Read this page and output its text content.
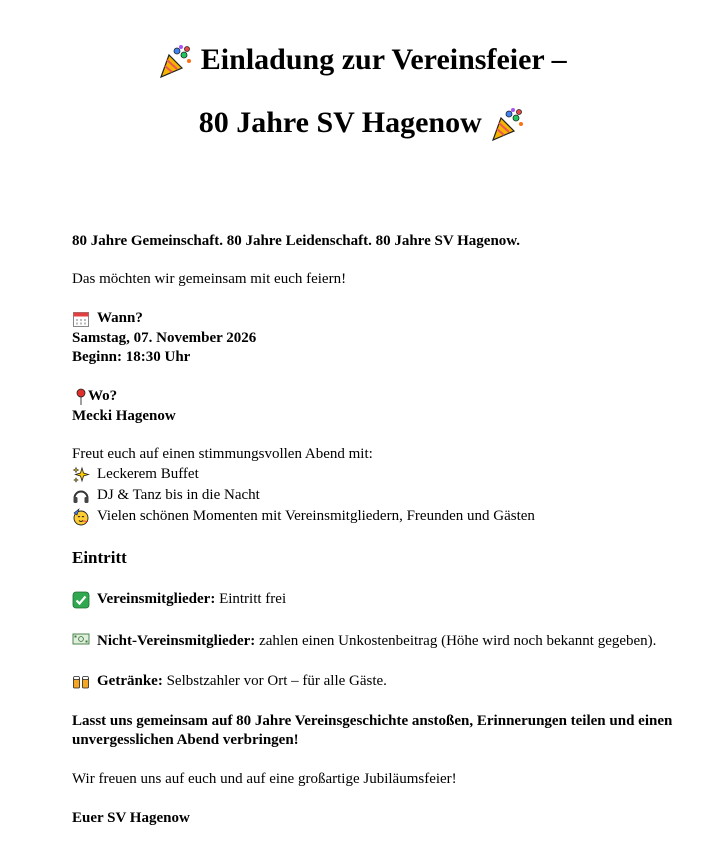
Einladung zur Vereinsfeier –
80 Jahre SV Hagenow

80 Jahre Gemeinschaft. 80 Jahre Leidenschaft. 80 Jahre SV Hagenow.

Das möchten wir gemeinsam mit euch feiern!

Wann?

Samstag, 07. November 2026

Beginn: 18:30 Uhr

Wo?

Mecki Hagenow

Freut euch auf einen stimmungsvollen Abend mit:

Leckerem Buffet
DJ & Tanz bis in die Nacht
Vielen schönen Momenten mit Vereinsmitgliedern, Freunden und Gästen

Eintritt

Vereinsmitglieder: Eintritt frei
Nicht-Vereinsmitglieder: zahlen einen Unkostenbeitrag (Höhe wird noch bekannt gegeben).
Getränke: Selbstzahler vor Ort – für alle Gäste.

Lasst uns gemeinsam auf 80 Jahre Vereinsgeschichte anstoßen, Erinnerungen teilen und einen unvergesslichen Abend verbringen!

Wir freuen uns auf euch und auf eine großartige Jubiläumsfeier!

Euer SV Hagenow
